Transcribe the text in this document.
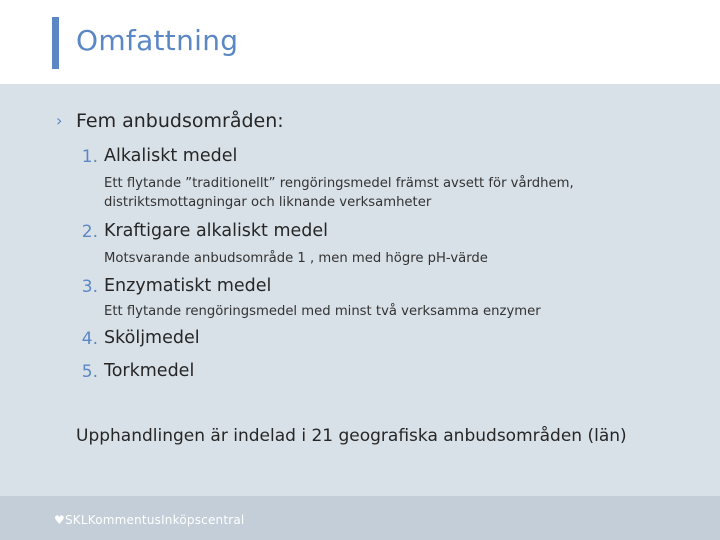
Omfattning
› Fem anbudsområden:
1. Alkaliskt medel
Ett flytande ”traditionellt” rengöringsmedel främst avsett för vårdhem,
distriktsmottagningar och liknande verksamheter
2. Kraftigare alkaliskt medel
Motsvarande anbudsområde 1 , men med högre pH-värde
3. Enzymatiskt medel
Ett flytande rengöringsmedel med minst två verksamma enzymer
4. Sköljmedel
5. Torkmedel
Upphandlingen är indelad i 21 geografiska anbudsområden (län)
♥SKLKommentusInköpscentral
